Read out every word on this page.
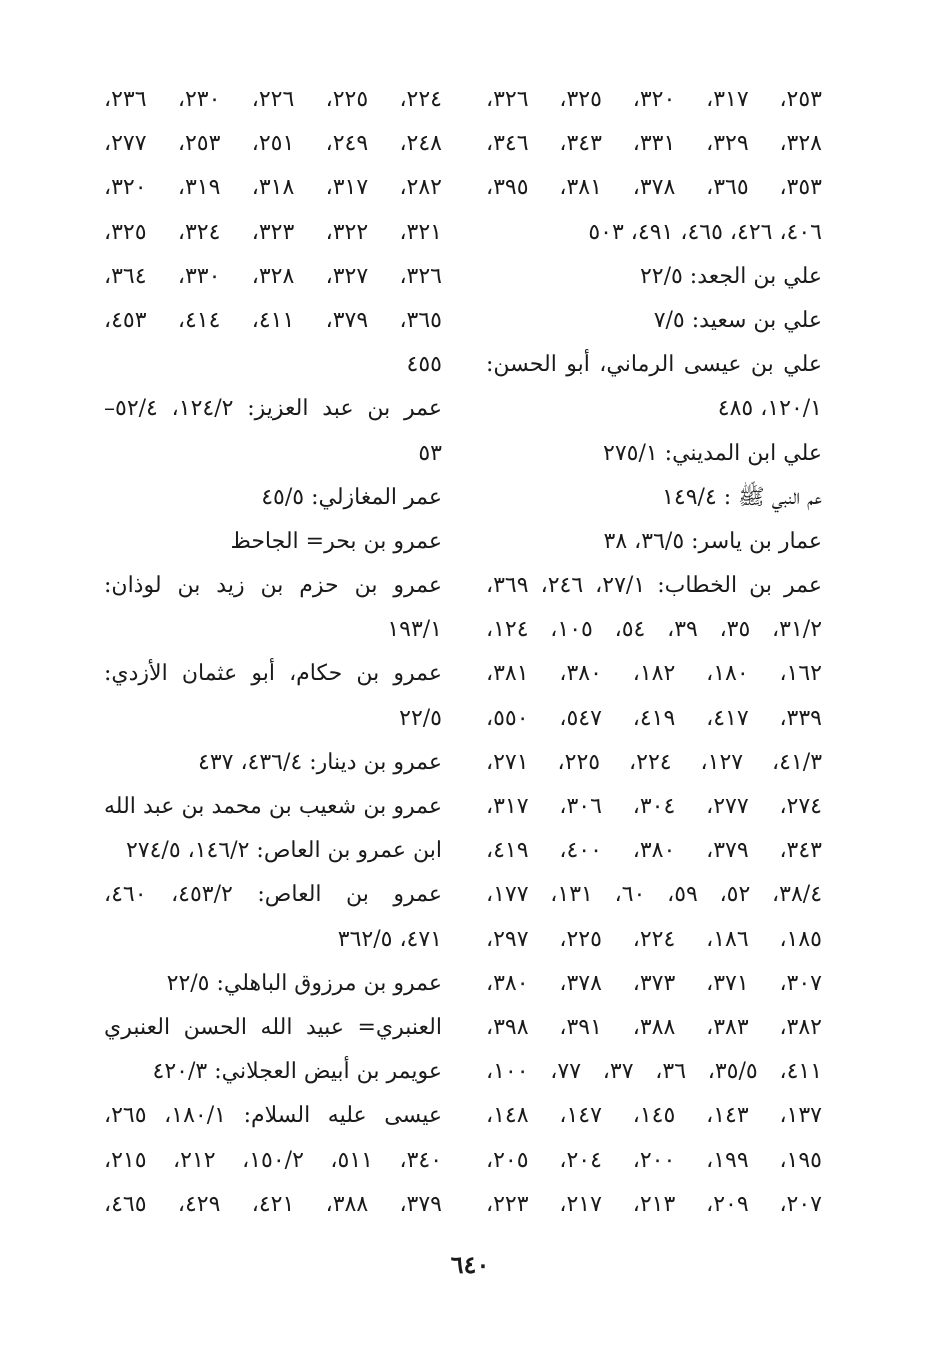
٢٥٣، ٣١٧، ٣٢٠، ٣٢٥، ٣٢٦،
٣٢٨، ٣٢٩، ٣٣١، ٣٤٣، ٣٤٦،
٣٥٣، ٣٦٥، ٣٧٨، ٣٨١، ٣٩٥،
٤٠٦، ٤٢٦، ٤٦٥، ٤٩١، ٥٠٣
علي بن الجعد: ٢٢/٥
علي بن سعيد: ٧/٥
علي بن عيسى الرماني، أبو الحسن:
١٢٠/١، ٤٨٥
علي ابن المديني: ٢٧٥/١
عم النبي ﷺ : ١٤٩/٤
عمار بن ياسر: ٣٦/٥، ٣٨
عمر بن الخطاب: ٢٧/١، ٢٤٦، ٣٦٩،
٣١/٢، ٣٥، ٣٩، ٥٤، ١٠٥، ١٢٤،
١٦٢، ١٨٠، ١٨٢، ٣٨٠، ٣٨١،
٣٣٩، ٤١٧، ٤١٩، ٥٤٧، ٥٥٠،
٤١/٣، ١٢٧، ٢٢٤، ٢٢٥، ٢٧١،
٢٧٤، ٢٧٧، ٣٠٤، ٣٠٦، ٣١٧،
٣٤٣، ٣٧٩، ٣٨٠، ٤٠٠، ٤١٩،
٣٨/٤، ٥٢، ٥٩، ٦٠، ١٣١، ١٧٧،
١٨٥، ١٨٦، ٢٢٤، ٢٢٥، ٢٩٧،
٣٠٧، ٣٧١، ٣٧٣، ٣٧٨، ٣٨٠،
٣٨٢، ٣٨٣، ٣٨٨، ٣٩١، ٣٩٨،
٤١١، ٣٥/٥، ٣٦، ٣٧، ٧٧، ١٠٠،
١٣٧، ١٤٣، ١٤٥، ١٤٧، ١٤٨،
١٩٥، ١٩٩، ٢٠٠، ٢٠٤، ٢٠٥،
٢٠٧، ٢٠٩، ٢١٣، ٢١٧، ٢٢٣،
٢٢٤، ٢٢٥، ٢٢٦، ٢٣٠، ٢٣٦،
٢٤٨، ٢٤٩، ٢٥١، ٢٥٣، ٢٧٧،
٢٨٢، ٣١٧، ٣١٨، ٣١٩، ٣٢٠،
٣٢١، ٣٢٢، ٣٢٣، ٣٢٤، ٣٢٥،
٣٢٦، ٣٢٧، ٣٢٨، ٣٣٠، ٣٦٤،
٣٦٥، ٣٧٩، ٤١١، ٤١٤، ٤٥٣،
٤٥٥
عمر بن عبد العزيز: ١٢٤/٢، ٥٢/٤–
٥٣
عمر المغازلي: ٤٥/٥
عمرو بن بحر= الجاحظ
عمرو بن حزم بن زيد بن لوذان:
١٩٣/١
عمرو بن حكام، أبو عثمان الأزدي:
٢٢/٥
عمرو بن دينار: ٤٣٦/٤، ٤٣٧
عمرو بن شعيب بن محمد بن عبد الله
ابن عمرو بن العاص: ١٤٦/٢، ٢٧٤/٥
عمرو بن العاص: ٤٥٣/٢، ٤٦٠،
٤٧١، ٣٦٢/٥
عمرو بن مرزوق الباهلي: ٢٢/٥
العنبري= عبيد الله الحسن العنبري
عويمر بن أبيض العجلاني: ٤٢٠/٣
عيسى عليه السلام: ١٨٠/١، ٢٦٥،
٣٤٠، ٥١١، ١٥٠/٢، ٢١٢، ٢١٥،
٣٧٩، ٣٨٨، ٤٢١، ٤٢٩، ٤٦٥،
٦٤٠
